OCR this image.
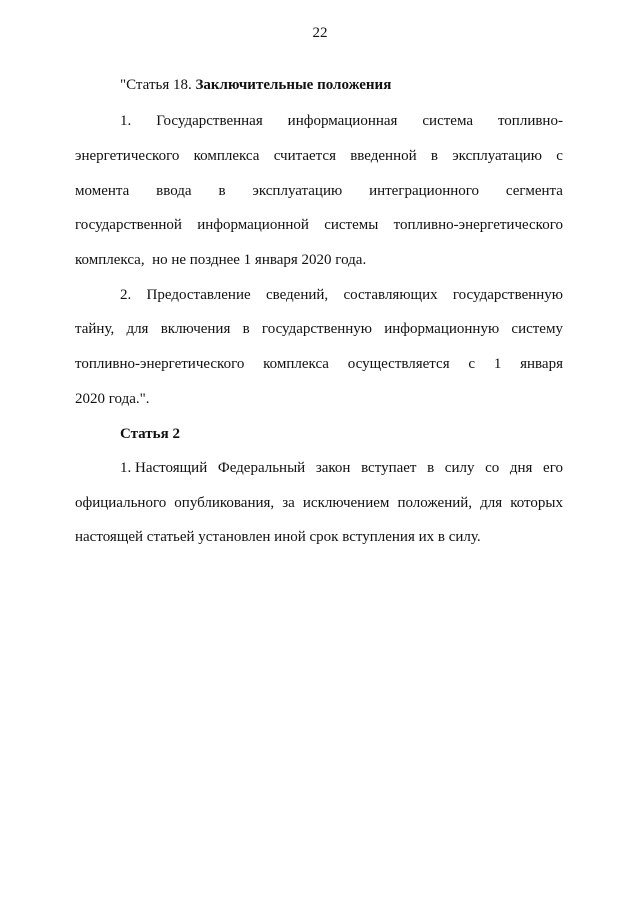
22
"Статья 18. Заключительные положения
1. Государственная информационная система топливно-
энергетического комплекса считается введенной в эксплуатацию с
момента ввода в эксплуатацию интеграционного сегмента
государственной информационной системы топливно-энергетического
комплекса,  но не позднее 1 января 2020 года.
2. Предоставление сведений, составляющих государственную
тайну, для включения в государственную информационную систему
топливно-энергетического комплекса осуществляется с 1 января
2020 года.".
Статья 2
1. Настоящий Федеральный закон вступает в силу со дня его
официального опубликования, за исключением положений, для которых
настоящей статьей установлен иной срок вступления их в силу.
